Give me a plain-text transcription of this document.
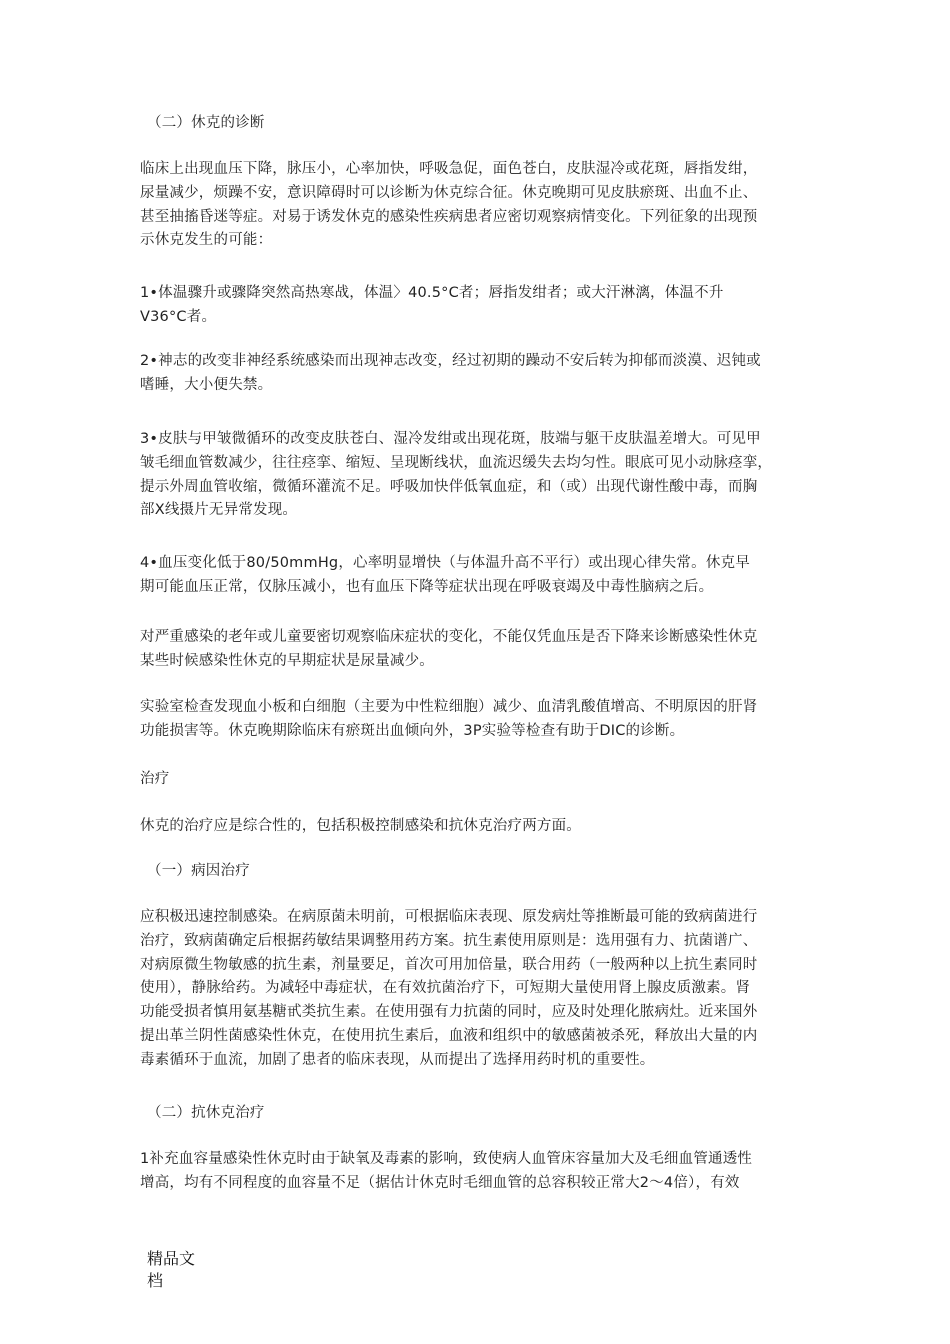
（二）休克的诊断
临床上出现血压下降，脉压小，心率加快，呼吸急促，面色苍白，皮肤湿冷或花斑，唇指发绀，
尿量减少，烦躁不安，意识障碍时可以诊断为休克综合征。休克晚期可见皮肤瘀斑、出血不止、
甚至抽搐昏迷等症。对易于诱发休克的感染性疾病患者应密切观察病情变化。下列征象的出现预
示休克发生的可能：
1•体温骤升或骤降突然高热寒战，体温〉40.5°C者；唇指发绀者；或大汗淋漓，体温不升
V36°C者。
2•神志的改变非神经系统感染而出现神志改变，经过初期的躁动不安后转为抑郁而淡漠、迟钝或
嗜睡，大小便失禁。
3•皮肤与甲皱微循环的改变皮肤苍白、湿冷发绀或出现花斑，肢端与躯干皮肤温差增大。可见甲
皱毛细血管数减少，往往痉挛、缩短、呈现断线状，血流迟缓失去均匀性。眼底可见小动脉痉挛，
提示外周血管收缩，微循环灌流不足。呼吸加快伴低氧血症，和（或）出现代谢性酸中毒，而胸
部X线摄片无异常发现。
4•血压变化低于80/50mmHg，心率明显增快（与体温升高不平行）或出现心律失常。休克早
期可能血压正常，仅脉压减小，也有血压下降等症状出现在呼吸衰竭及中毒性脑病之后。
对严重感染的老年或儿童要密切观察临床症状的变化，不能仅凭血压是否下降来诊断感染性休克
某些时候感染性休克的早期症状是尿量减少。
实验室检查发现血小板和白细胞（主要为中性粒细胞）减少、血清乳酸值增高、不明原因的肝肾
功能损害等。休克晚期除临床有瘀斑出血倾向外，3P实验等检查有助于DIC的诊断。
治疗
休克的治疗应是综合性的，包括积极控制感染和抗休克治疗两方面。
（一）病因治疗
应积极迅速控制感染。在病原菌未明前，可根据临床表现、原发病灶等推断最可能的致病菌进行
治疗，致病菌确定后根据药敏结果调整用药方案。抗生素使用原则是：选用强有力、抗菌谱广、
对病原微生物敏感的抗生素，剂量要足，首次可用加倍量，联合用药（一般两种以上抗生素同时
使用），静脉给药。为减轻中毒症状，在有效抗菌治疗下，可短期大量使用肾上腺皮质激素。肾
功能受损者慎用氨基糖甙类抗生素。在使用强有力抗菌的同时，应及时处理化脓病灶。近来国外
提出革兰阴性菌感染性休克，在使用抗生素后，血液和组织中的敏感菌被杀死，释放出大量的内
毒素循环于血流，加剧了患者的临床表现，从而提出了选择用药时机的重要性。
（二）抗休克治疗
1补充血容量感染性休克时由于缺氧及毒素的影响，致使病人血管床容量加大及毛细血管通透性
增高，均有不同程度的血容量不足（据估计休克时毛细血管的总容积较正常大2〜4倍），有效
精品文
档
